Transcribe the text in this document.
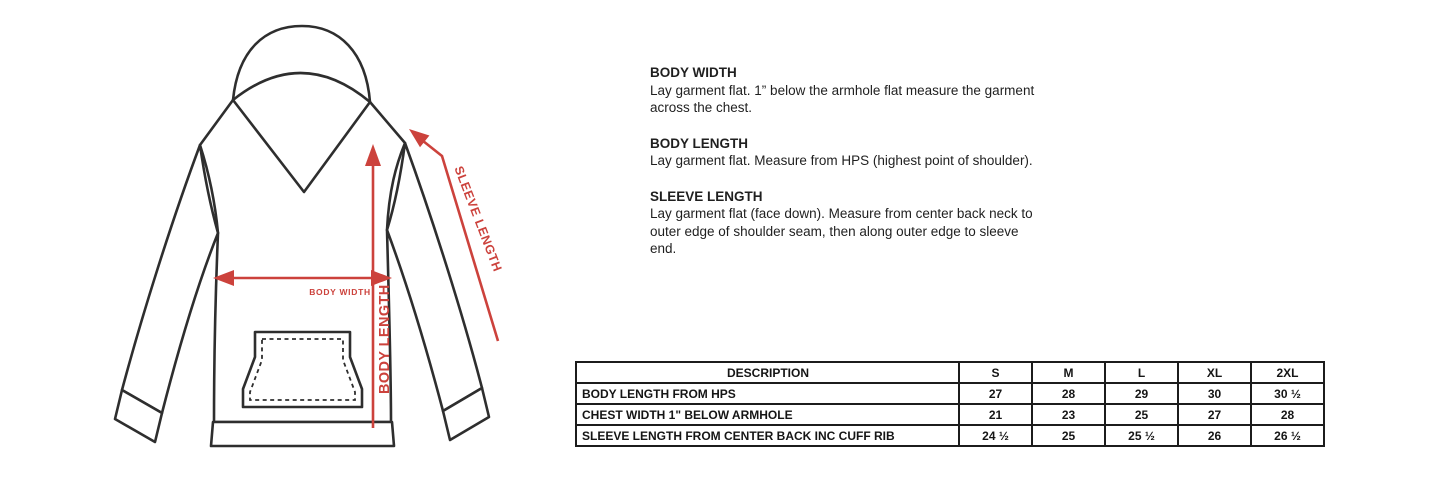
BODY LENGTH
BODY WIDTH
SLEEVE LENGTH

BODY WIDTH

Lay garment flat. 1” below the armhole flat measure the garment across the chest.

BODY LENGTH

Lay garment flat. Measure from HPS (highest point of shoulder).

SLEEVE LENGTH

Lay garment flat (face down). Measure from center back neck to outer edge of shoulder seam, then along outer edge to sleeve end.

DESCRIPTION	S	M	L	XL	2XL
BODY LENGTH FROM HPS	27	28	29	30	30 ½
CHEST WIDTH 1" BELOW ARMHOLE	21	23	25	27	28
SLEEVE LENGTH FROM CENTER BACK INC CUFF RIB	24 ½	25	25 ½	26	26 ½
